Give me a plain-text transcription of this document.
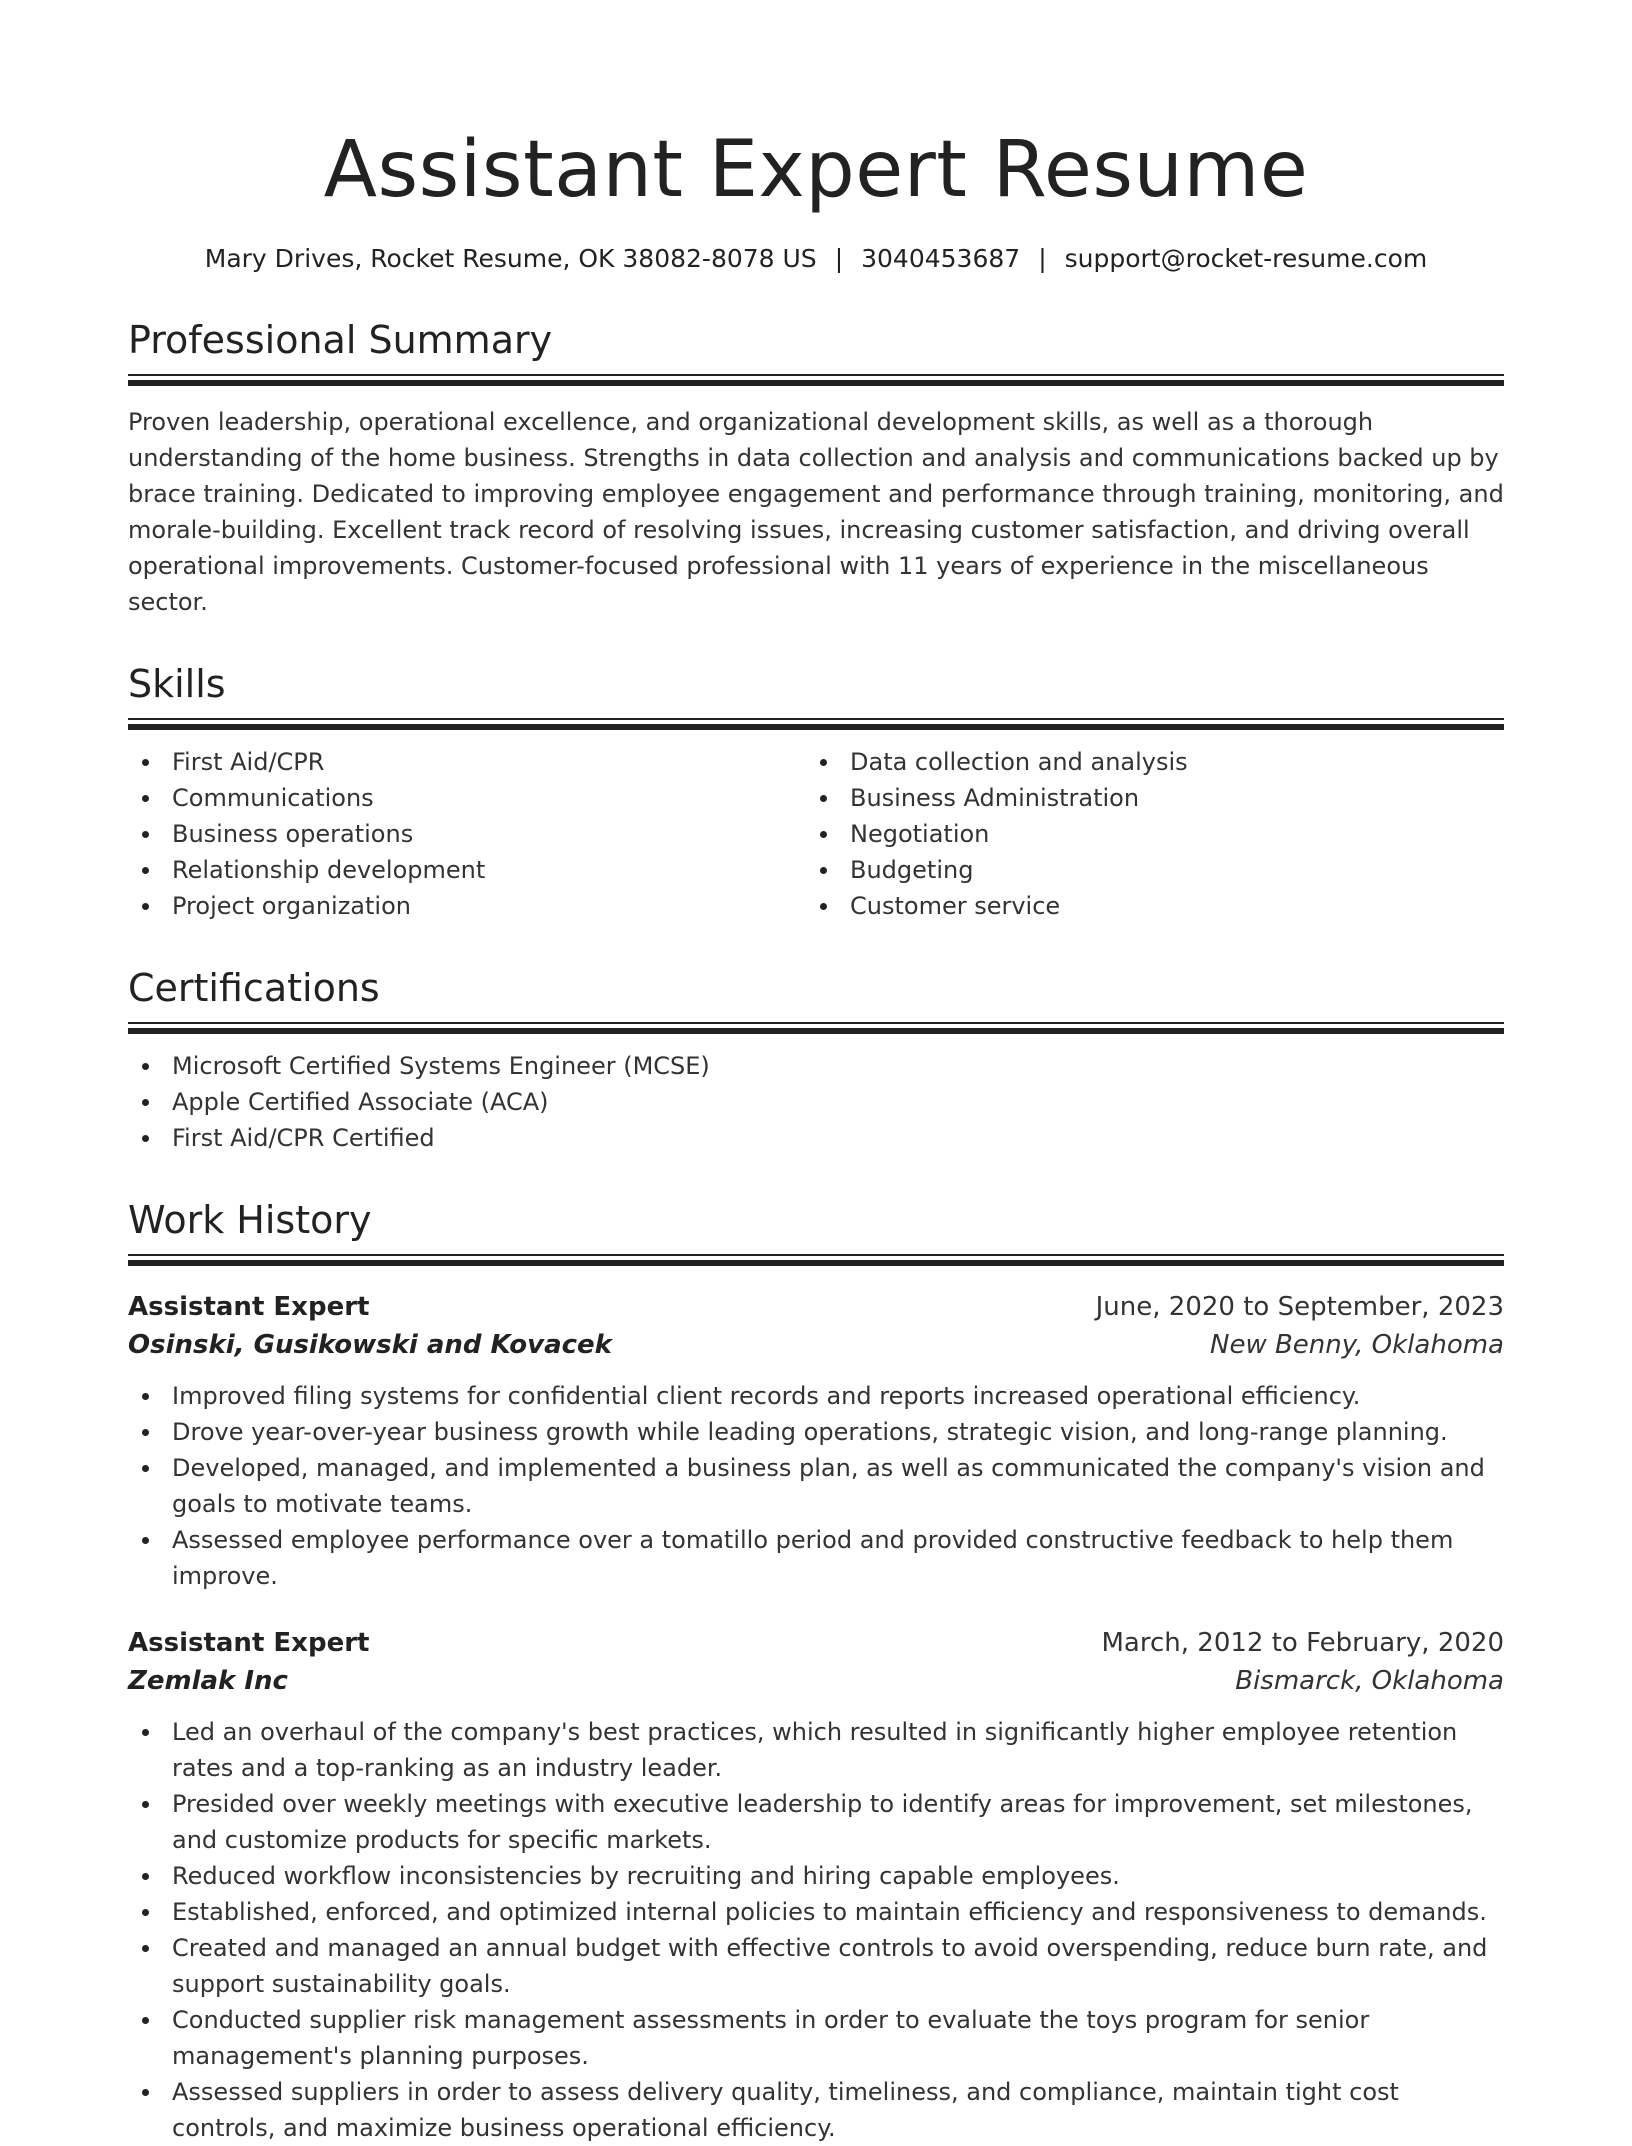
Assistant Expert Resume
Mary Drives, Rocket Resume, OK 38082-8078 US | 3040453687 | support@rocket-resume.com
Professional Summary
Proven leadership, operational excellence, and organizational development skills, as well as a thorough understanding of the home business. Strengths in data collection and analysis and communications backed up by brace training. Dedicated to improving employee engagement and performance through training, monitoring, and morale-building. Excellent track record of resolving issues, increasing customer satisfaction, and driving overall operational improvements. Customer-focused professional with 11 years of experience in the miscellaneous sector.
Skills
First Aid/CPR
Communications
Business operations
Relationship development
Project organization
Data collection and analysis
Business Administration
Negotiation
Budgeting
Customer service
Certifications
Microsoft Certified Systems Engineer (MCSE)
Apple Certified Associate (ACA)
First Aid/CPR Certified
Work History
Assistant Expert	June, 2020 to September, 2023
Osinski, Gusikowski and Kovacek	New Benny, Oklahoma
Improved filing systems for confidential client records and reports increased operational efficiency.
Drove year-over-year business growth while leading operations, strategic vision, and long-range planning.
Developed, managed, and implemented a business plan, as well as communicated the company's vision and goals to motivate teams.
Assessed employee performance over a tomatillo period and provided constructive feedback to help them improve.
Assistant Expert	March, 2012 to February, 2020
Zemlak Inc	Bismarck, Oklahoma
Led an overhaul of the company's best practices, which resulted in significantly higher employee retention rates and a top-ranking as an industry leader.
Presided over weekly meetings with executive leadership to identify areas for improvement, set milestones, and customize products for specific markets.
Reduced workflow inconsistencies by recruiting and hiring capable employees.
Established, enforced, and optimized internal policies to maintain efficiency and responsiveness to demands.
Created and managed an annual budget with effective controls to avoid overspending, reduce burn rate, and support sustainability goals.
Conducted supplier risk management assessments in order to evaluate the toys program for senior management's planning purposes.
Assessed suppliers in order to assess delivery quality, timeliness, and compliance, maintain tight cost controls, and maximize business operational efficiency.
